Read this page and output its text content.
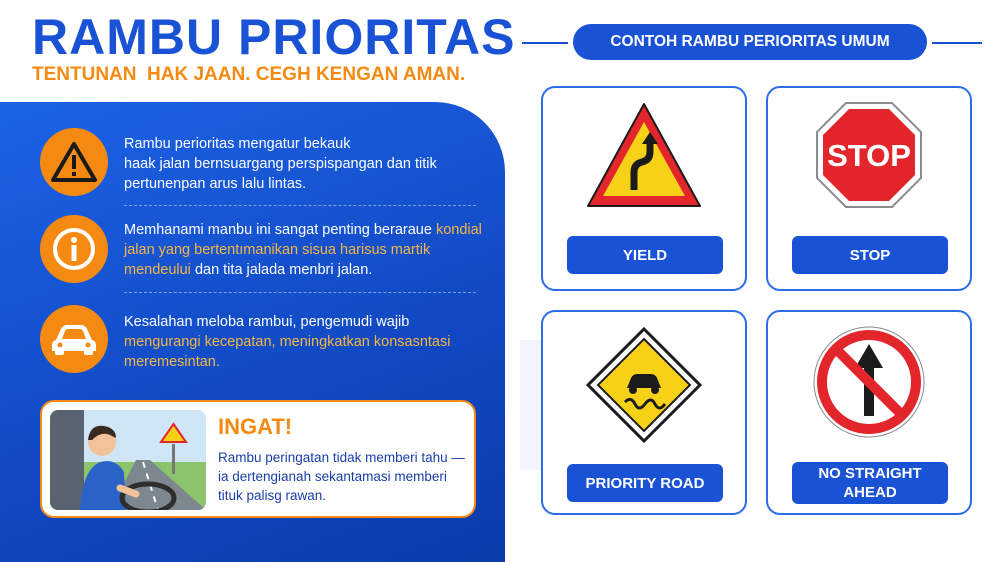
RAMBU PRIORITAS
TENTUNAN  HAK JAAN. CEGH KENGAN AMAN.
Rambu perioritas mengatur bekauk
haak jalan bernsuargang perspispangan dan titik
pertunenpan arus lalu lintas.
Memhanami manbu ini sangat penting beraraue kondial jalan yang bertentımanikan sisua harisus martik mendeului dan tita jalada menbri jalan.
Kesalahan meloba rambui, pengemudi wajib mengurangi kecepatan, meningkatkan konsasntasi meremesintan.
INGAT!
Rambu peringatan tidak memberi tahu — ia dertengianah sekantamasi memberi tituk palisg rawan.
CONTOH RAMBU PERIORITAS UMUM
YIELD
STOP
STOP
PRIORITY ROAD
NO STRAIGHT AHEAD
